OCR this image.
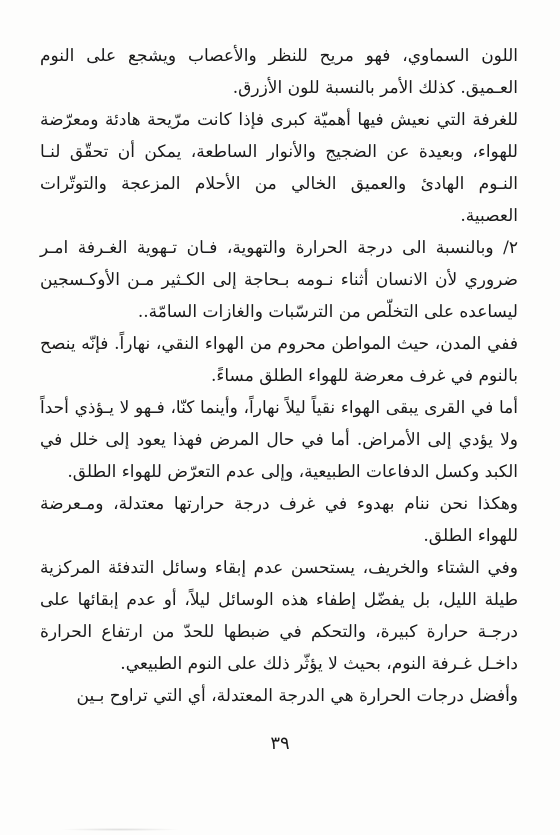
اللون السماوي، فهو مريح للنظر والأعصاب ويشجع على النوم العـميق. كذلك الأمر بالنسبة للون الأزرق.

للغرفة التي نعيش فيها أهميّة كبرى فإذا كانت مرّيحة هادئة ومعرّضة للهواء، وبعيدة عن الضجيج والأنوار الساطعة، يمكن أن تحقّق لنـا النـوم الهادئ والعميق الخالي من الأحلام المزعجة والتوتّرات العصبية.

٢/ وبالنسبة الى درجة الحرارة والتهوية، فـان تـهوية الغـرفة امـر ضروري لأن الانسان أثناء نـومه بـحاجة إلى الكـثير مـن الأوكـسجين ليساعده على التخلّص من الترسّبات والغازات السامّة..

ففي المدن، حيث المواطن محروم من الهواء النقي، نهاراً. فإنّه ينصح بالنوم في غرف معرضة للهواء الطلق مساءً.

أما في القرى يبقى الهواء نقياً ليلاً نهاراً، وأينما كنّا، فـهو لا يـؤذي أحداً ولا يؤدي إلى الأمراض. أما في حال المرض فهذا يعود إلى خلل في الكبد وكسل الدفاعات الطبيعية، وإلى عدم التعرّض للهواء الطلق.

وهكذا نحن ننام بهدوء في غرف درجة حرارتها معتدلة، ومـعرضة للهواء الطلق.

وفي الشتاء والخريف، يستحسن عدم إبقاء وسائل التدفئة المركزية طيلة الليل، بل يفضّل إطفاء هذه الوسائل ليلاً، أو عدم إبقائها على درجـة حرارة كبيرة، والتحكم في ضبطها للحدّ من ارتفاع الحرارة داخـل غـرفة النوم، بحيث لا يؤثّر ذلك على النوم الطبيعي.

وأفضل درجات الحرارة هي الدرجة المعتدلة، أي التي تراوح بـين

٣٩
